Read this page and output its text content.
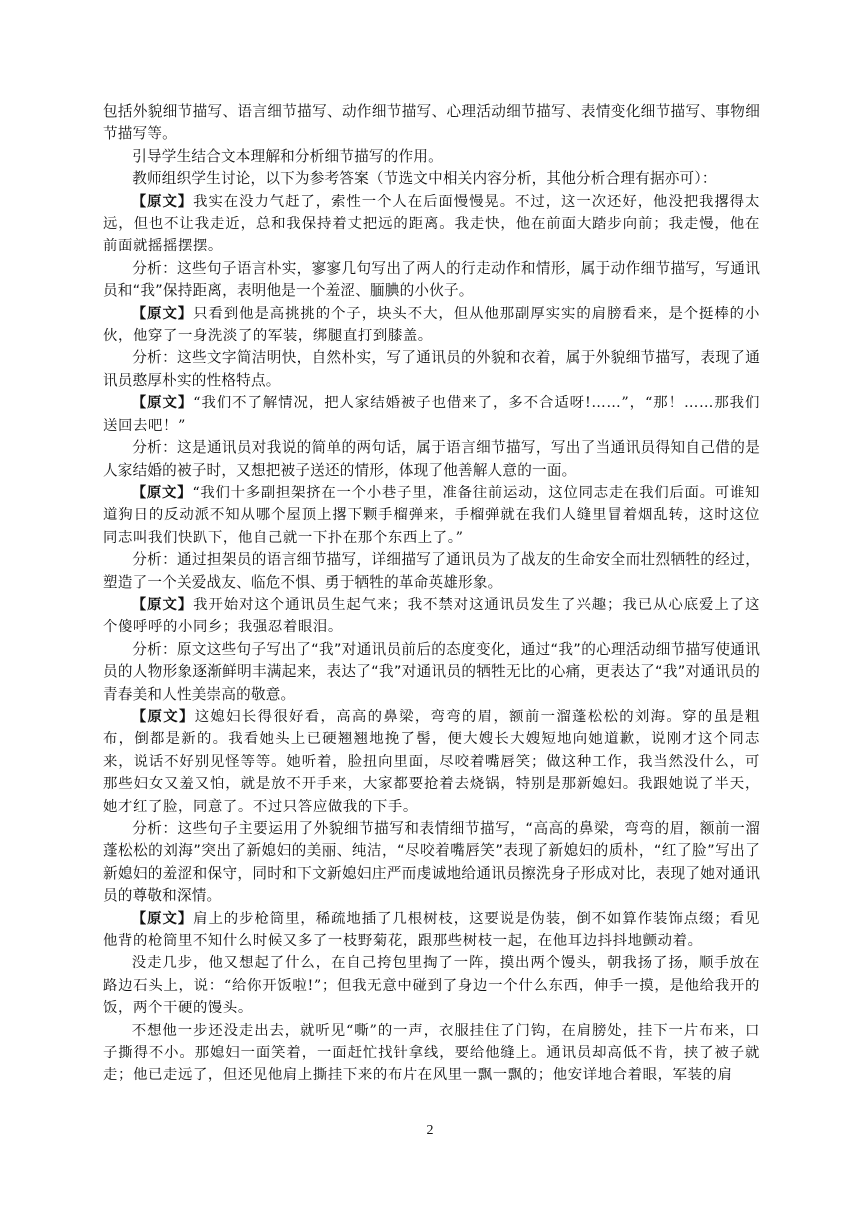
包括外貌细节描写、语言细节描写、动作细节描写、心理活动细节描写、表情变化细节描写、事物细节描写等。

引导学生结合文本理解和分析细节描写的作用。

教师组织学生讨论，以下为参考答案（节选文中相关内容分析，其他分析合理有据亦可）：

【原文】我实在没力气赶了，索性一个人在后面慢慢晃。不过，这一次还好，他没把我撂得太远，但也不让我走近，总和我保持着丈把远的距离。我走快，他在前面大踏步向前；我走慢，他在前面就摇摇摆摆。

分析：这些句子语言朴实，寥寥几句写出了两人的行走动作和情形，属于动作细节描写，写通讯员和“我”保持距离，表明他是一个羞涩、腼腆的小伙子。

【原文】只看到他是高挑挑的个子，块头不大，但从他那副厚实实的肩膀看来，是个挺棒的小伙，他穿了一身洗淡了的军装，绑腿直打到膝盖。

分析：这些文字简洁明快，自然朴实，写了通讯员的外貌和衣着，属于外貌细节描写，表现了通讯员憨厚朴实的性格特点。

【原文】“我们不了解情况，把人家结婚被子也借来了，多不合适呀!……”，“那！……那我们送回去吧！”

分析：这是通讯员对我说的简单的两句话，属于语言细节描写，写出了当通讯员得知自己借的是人家结婚的被子时，又想把被子送还的情形，体现了他善解人意的一面。

【原文】“我们十多副担架挤在一个小巷子里，准备往前运动，这位同志走在我们后面。可谁知道狗日的反动派不知从哪个屋顶上撂下颗手榴弹来，手榴弹就在我们人缝里冒着烟乱转，这时这位同志叫我们快趴下，他自己就一下扑在那个东西上了。”

分析：通过担架员的语言细节描写，详细描写了通讯员为了战友的生命安全而壮烈牺牲的经过，塑造了一个关爱战友、临危不惧、勇于牺牲的革命英雄形象。

【原文】我开始对这个通讯员生起气来；我不禁对这通讯员发生了兴趣；我已从心底爱上了这个傻呼呼的小同乡；我强忍着眼泪。

分析：原文这些句子写出了“我”对通讯员前后的态度变化，通过“我”的心理活动细节描写使通讯员的人物形象逐渐鲜明丰满起来，表达了“我”对通讯员的牺牲无比的心痛，更表达了“我”对通讯员的青春美和人性美崇高的敬意。

【原文】这媳妇长得很好看，高高的鼻梁，弯弯的眉，额前一溜蓬松松的刘海。穿的虽是粗布，倒都是新的。我看她头上已硬翘翘地挽了髻，便大嫂长大嫂短地向她道歉，说刚才这个同志来，说话不好别见怪等等。她听着，脸扭向里面，尽咬着嘴唇笑；做这种工作，我当然没什么，可那些妇女又羞又怕，就是放不开手来，大家都要抢着去烧锅，特别是那新媳妇。我跟她说了半天，她才红了脸，同意了。不过只答应做我的下手。

分析：这些句子主要运用了外貌细节描写和表情细节描写，“高高的鼻梁，弯弯的眉，额前一溜蓬松松的刘海”突出了新媳妇的美丽、纯洁，“尽咬着嘴唇笑”表现了新媳妇的质朴，“红了脸”写出了新媳妇的羞涩和保守，同时和下文新媳妇庄严而虔诚地给通讯员擦洗身子形成对比，表现了她对通讯员的尊敬和深情。

【原文】肩上的步枪筒里，稀疏地插了几根树枝，这要说是伪装，倒不如算作装饰点缀；看见他背的枪筒里不知什么时候又多了一枝野菊花，跟那些树枝一起，在他耳边抖抖地颤动着。

没走几步，他又想起了什么，在自己挎包里掏了一阵，摸出两个馒头，朝我扬了扬，顺手放在路边石头上，说：“给你开饭啦!”；但我无意中碰到了身边一个什么东西，伸手一摸，是他给我开的饭，两个干硬的馒头。

不想他一步还没走出去，就听见“嘶”的一声，衣服挂住了门钩，在肩膀处，挂下一片布来，口子撕得不小。那媳妇一面笑着，一面赶忙找针拿线，要给他缝上。通讯员却高低不肯，挟了被子就走；他已走远了，但还见他肩上撕挂下来的布片在风里一飘一飘的；他安详地合着眼，军装的肩

2
